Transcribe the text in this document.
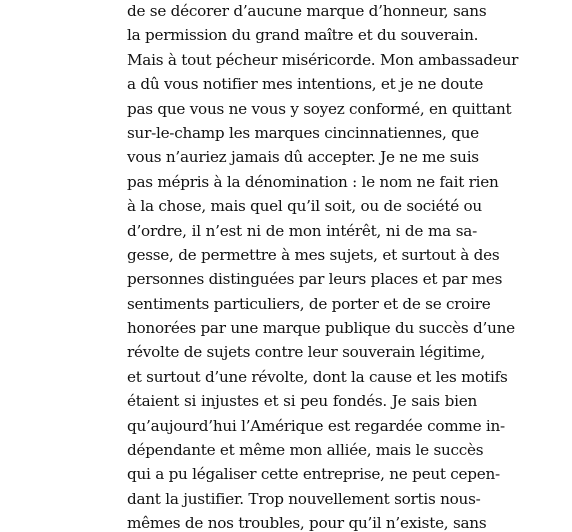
de se décorer d’aucune marque d’honneur, sans
la permission du grand maître et du souverain.
Mais à tout pécheur miséricorde. Mon ambassadeur
a dû vous notifier mes intentions, et je ne doute
pas que vous ne vous y soyez conformé, en quittant
sur-le-champ les marques cincinnatiennes, que
vous n’auriez jamais dû accepter. Je ne me suis
pas mépris à la dénomination : le nom ne fait rien
à la chose, mais quel qu’il soit, ou de société ou
d’ordre, il n’est ni de mon intérêt, ni de ma sa-
gesse, de permettre à mes sujets, et surtout à des
personnes distinguées par leurs places et par mes
sentiments particuliers, de porter et de se croire
honorées par une marque publique du succès d’une
révolte de sujets contre leur souverain légitime,
et surtout d’une révolte, dont la cause et les motifs
étaient si injustes et si peu fondés. Je sais bien
qu’aujourd’hui l’Amérique est regardée comme in-
dépendante et même mon alliée, mais le succès
qui a pu légaliser cette entreprise, ne peut cepen-
dant la justifier. Trop nouvellement sortis nous-
mêmes de nos troubles, pour qu’il n’existe, sans
